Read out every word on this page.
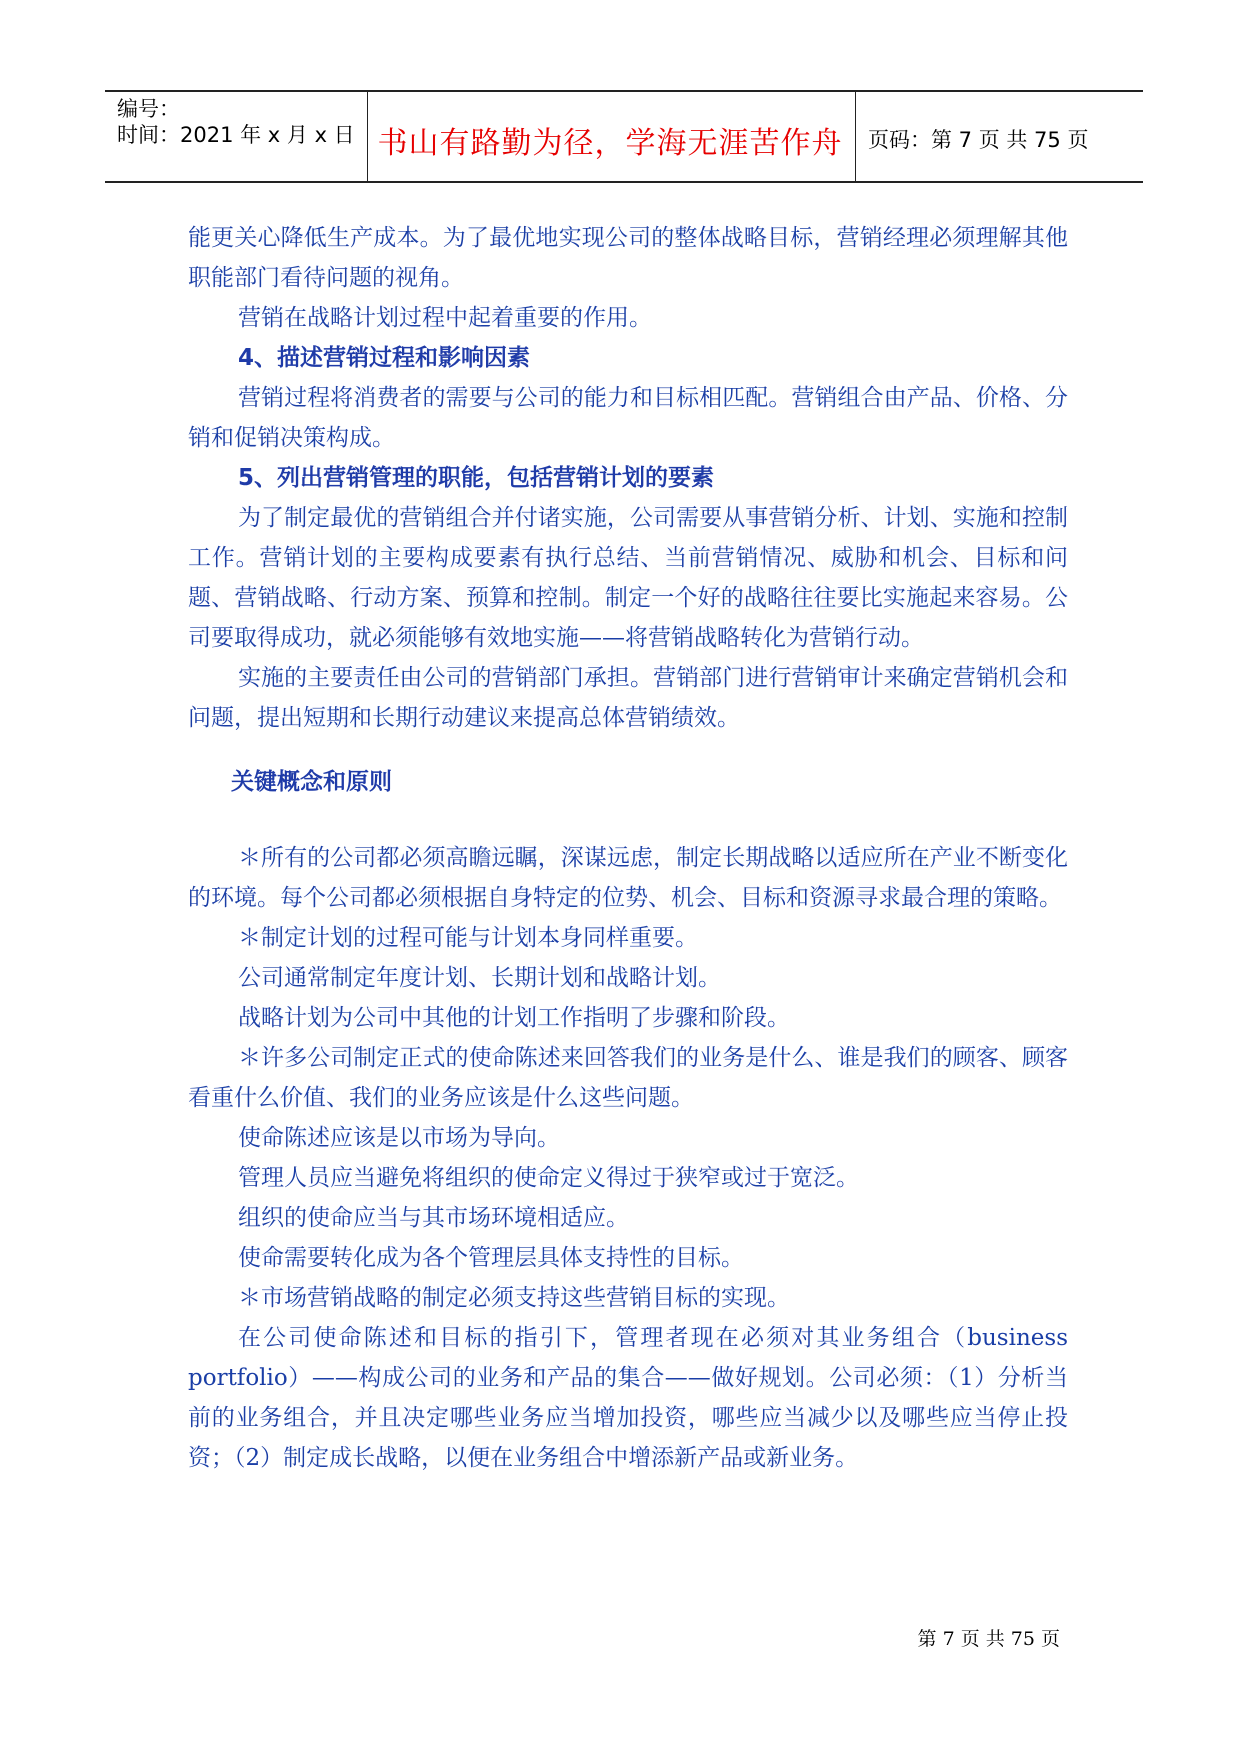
编号：
时间：2021 年 x 月 x 日 书山有路勤为径，学海无涯苦作舟	页码：第 7 页 共 75 页

能更关心降低生产成本。为了最优地实现公司的整体战略目标，营销经理必须理解其他职能部门看待问题的视角。

营销在战略计划过程中起着重要的作用。

4、描述营销过程和影响因素

营销过程将消费者的需要与公司的能力和目标相匹配。营销组合由产品、价格、分销和促销决策构成。

5、列出营销管理的职能，包括营销计划的要素

为了制定最优的营销组合并付诸实施，公司需要从事营销分析、计划、实施和控制工作。营销计划的主要构成要素有执行总结、当前营销情况、威胁和机会、目标和问题、营销战略、行动方案、预算和控制。制定一个好的战略往往要比实施起来容易。公司要取得成功，就必须能够有效地实施——将营销战略转化为营销行动。

实施的主要责任由公司的营销部门承担。营销部门进行营销审计来确定营销机会和问题，提出短期和长期行动建议来提高总体营销绩效。

关键概念和原则

＊所有的公司都必须高瞻远瞩，深谋远虑，制定长期战略以适应所在产业不断变化的环境。每个公司都必须根据自身特定的位势、机会、目标和资源寻求最合理的策略。

＊制定计划的过程可能与计划本身同样重要。

公司通常制定年度计划、长期计划和战略计划。

战略计划为公司中其他的计划工作指明了步骤和阶段。

＊许多公司制定正式的使命陈述来回答我们的业务是什么、谁是我们的顾客、顾客看重什么价值、我们的业务应该是什么这些问题。

使命陈述应该是以市场为导向。

管理人员应当避免将组织的使命定义得过于狭窄或过于宽泛。

组织的使命应当与其市场环境相适应。

使命需要转化成为各个管理层具体支持性的目标。

＊市场营销战略的制定必须支持这些营销目标的实现。

在公司使命陈述和目标的指引下，管理者现在必须对其业务组合（business portfolio）——构成公司的业务和产品的集合——做好规划。公司必须：（1）分析当前的业务组合，并且决定哪些业务应当增加投资，哪些应当减少以及哪些应当停止投资；（2）制定成长战略，以便在业务组合中增添新产品或新业务。

第 7 页 共 75 页
